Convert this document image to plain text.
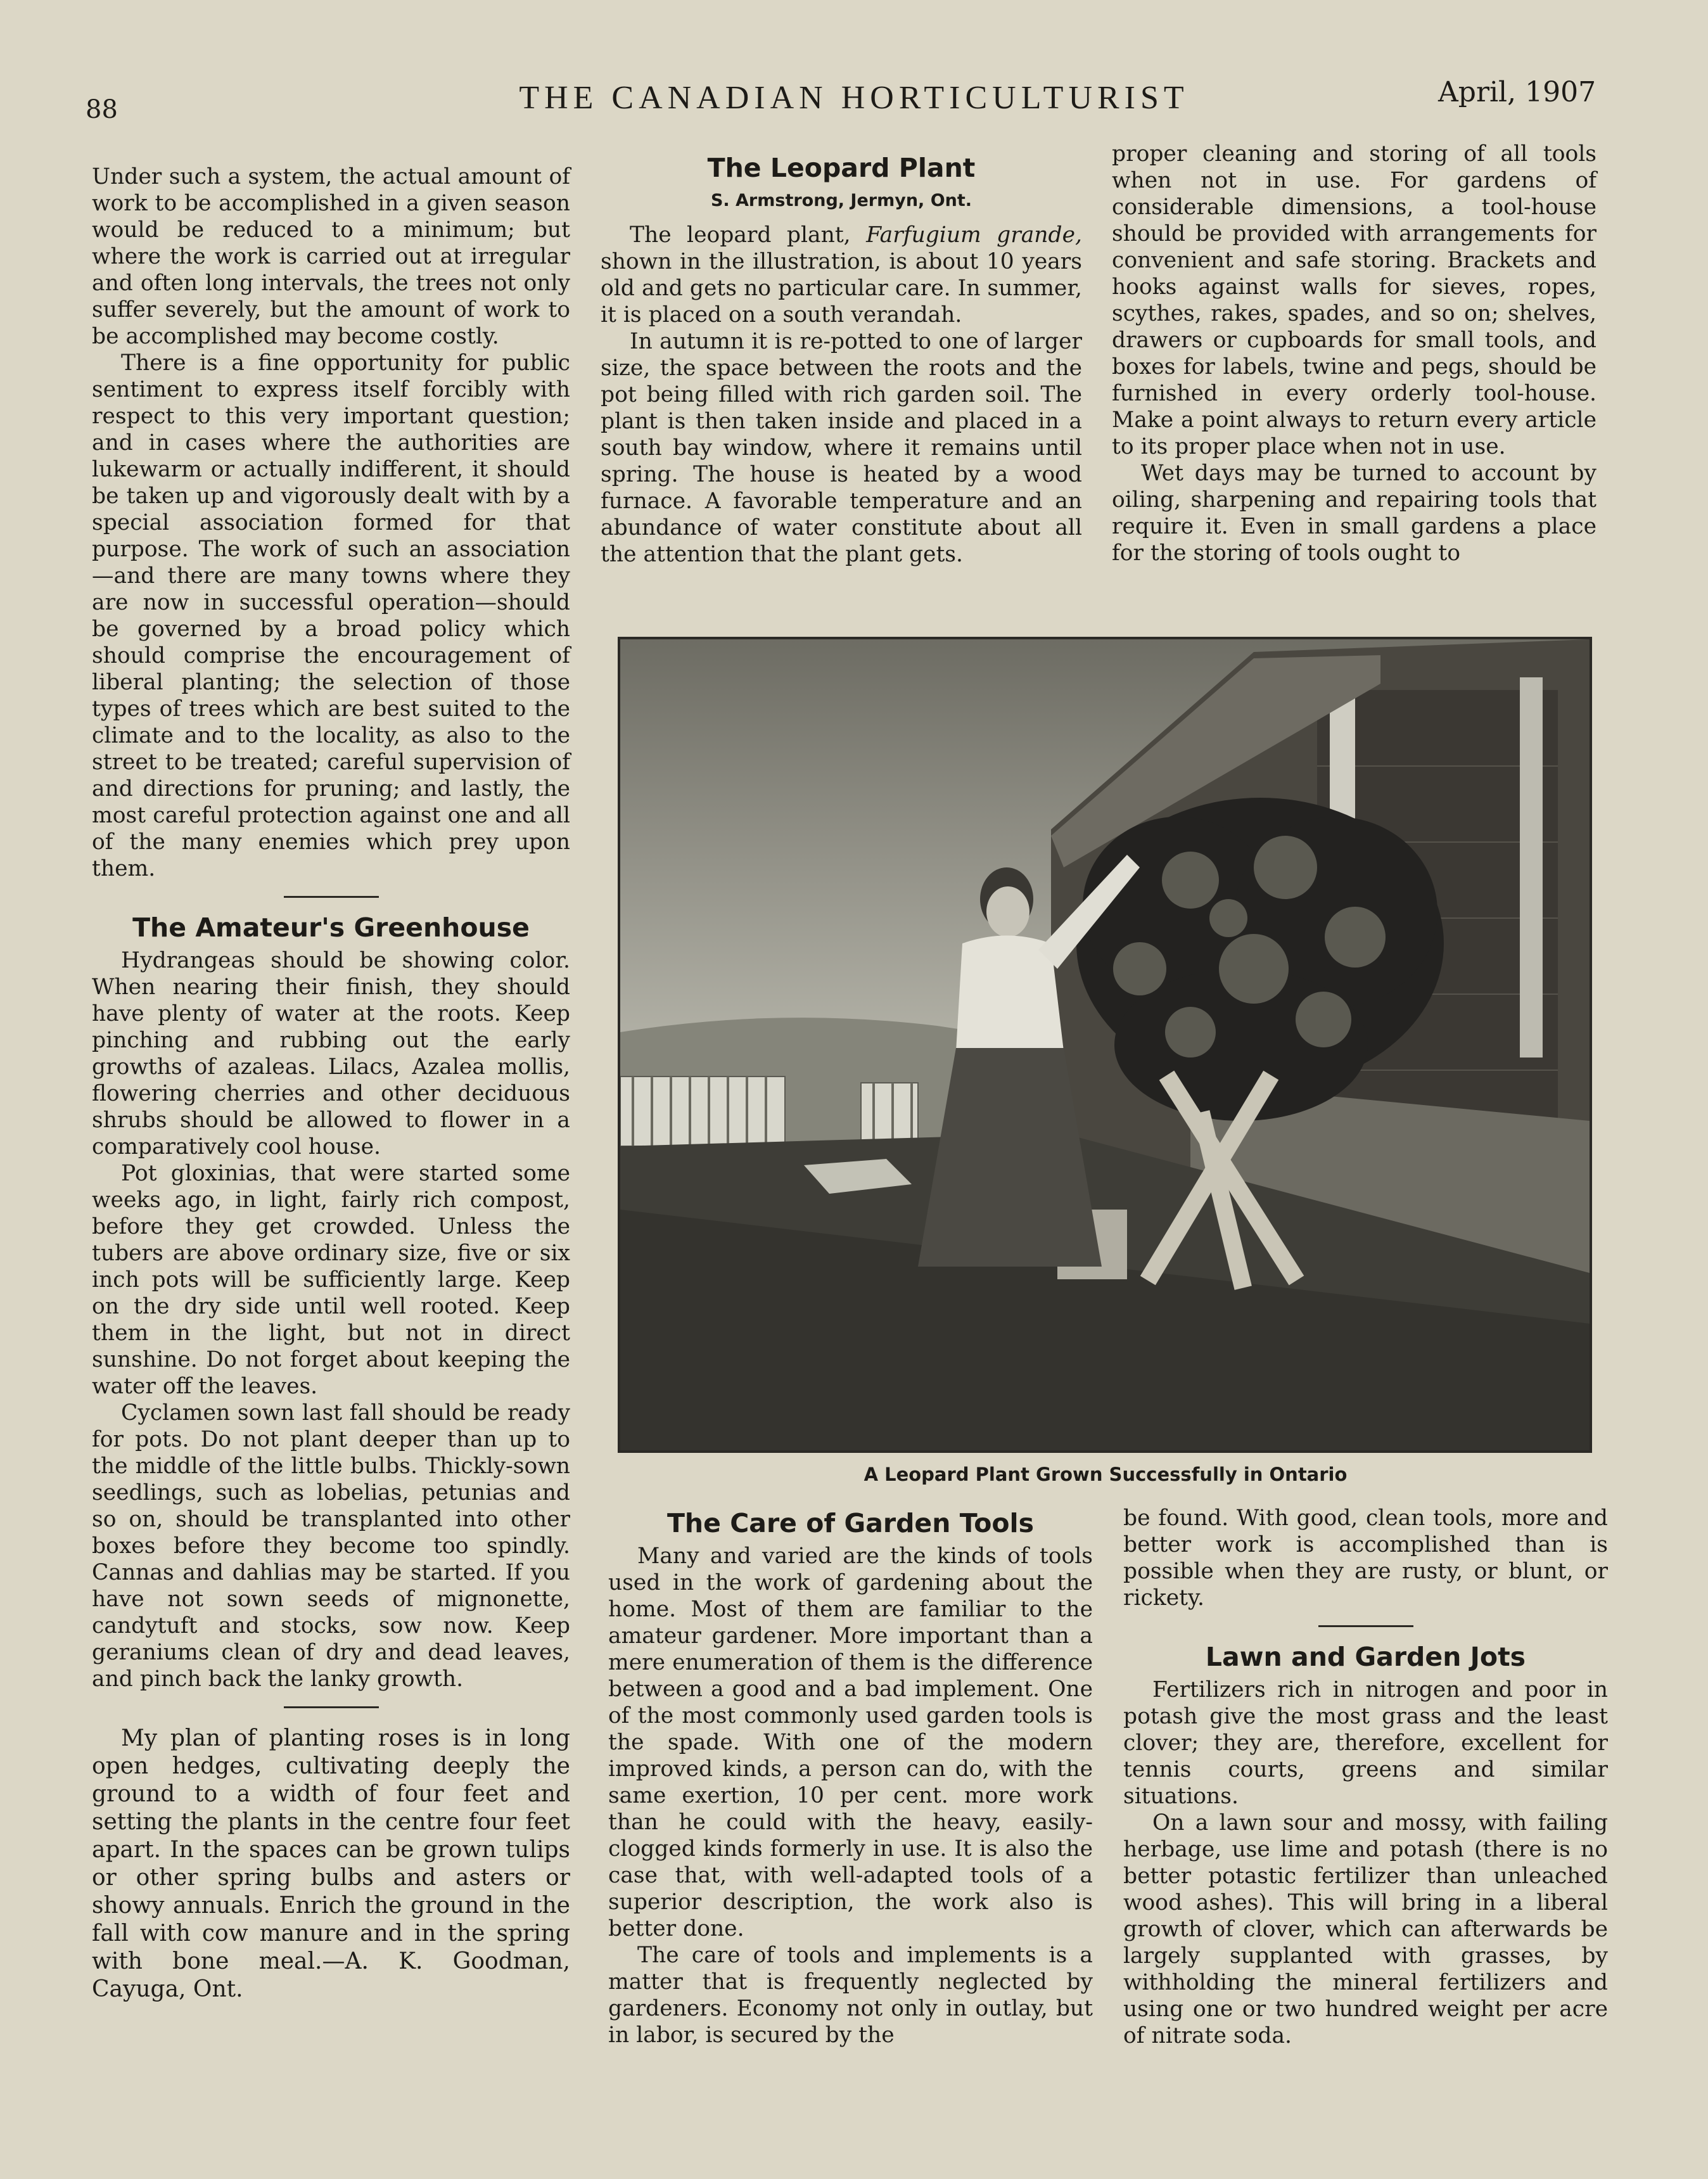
88	THE CANADIAN HORTICULTURIST	April, 1907

Under such a system, the actual amount of work to be accomplished in a given season would be reduced to a minimum; but where the work is carried out at irregular and often long intervals, the trees not only suffer severely, but the amount of work to be accomplished may become costly.

There is a fine opportunity for public sentiment to express itself forcibly with respect to this very important question; and in cases where the authorities are lukewarm or actually indifferent, it should be taken up and vigorously dealt with by a special association formed for that purpose. The work of such an association—and there are many towns where they are now in successful operation—should be governed by a broad policy which should comprise the encouragement of liberal planting; the selection of those types of trees which are best suited to the climate and to the locality, as also to the street to be treated; careful supervision of and directions for pruning; and lastly, the most careful protection against one and all of the many enemies which prey upon them.

The Amateur's Greenhouse

Hydrangeas should be showing color. When nearing their finish, they should have plenty of water at the roots. Keep pinching and rubbing out the early growths of azaleas. Lilacs, Azalea mollis, flowering cherries and other deciduous shrubs should be allowed to flower in a comparatively cool house.

Pot gloxinias, that were started some weeks ago, in light, fairly rich compost, before they get crowded. Unless the tubers are above ordinary size, five or six inch pots will be sufficiently large. Keep on the dry side until well rooted. Keep them in the light, but not in direct sunshine. Do not forget about keeping the water off the leaves.

Cyclamen sown last fall should be ready for pots. Do not plant deeper than up to the middle of the little bulbs. Thickly-sown seedlings, such as lobelias, petunias and so on, should be transplanted into other boxes before they become too spindly. Cannas and dahlias may be started. If you have not sown seeds of mignonette, candytuft and stocks, sow now. Keep geraniums clean of dry and dead leaves, and pinch back the lanky growth.

My plan of planting roses is in long open hedges, cultivating deeply the ground to a width of four feet and setting the plants in the centre four feet apart. In the spaces can be grown tulips or other spring bulbs and asters or showy annuals. Enrich the ground in the fall with cow manure and in the spring with bone meal.—A. K. Goodman, Cayuga, Ont.

The Leopard Plant
S. Armstrong, Jermyn, Ont.

The leopard plant, Farfugium grande, shown in the illustration, is about 10 years old and gets no particular care. In summer, it is placed on a south verandah.

In autumn it is re-potted to one of larger size, the space between the roots and the pot being filled with rich garden soil. The plant is then taken inside and placed in a south bay window, where it remains until spring. The house is heated by a wood furnace. A favorable temperature and an abundance of water constitute about all the attention that the plant gets.

proper cleaning and storing of all tools when not in use. For gardens of considerable dimensions, a tool-house should be provided with arrangements for convenient and safe storing. Brackets and hooks against walls for sieves, ropes, scythes, rakes, spades, and so on; shelves, drawers or cupboards for small tools, and boxes for labels, twine and pegs, should be furnished in every orderly tool-house. Make a point always to return every article to its proper place when not in use.

Wet days may be turned to account by oiling, sharpening and repairing tools that require it. Even in small gardens a place for the storing of tools ought to

A Leopard Plant Grown Successfully in Ontario
The Care of Garden Tools

Many and varied are the kinds of tools used in the work of gardening about the home. Most of them are familiar to the amateur gardener. More important than a mere enumeration of them is the difference between a good and a bad implement. One of the most commonly used garden tools is the spade. With one of the modern improved kinds, a person can do, with the same exertion, 10 per cent. more work than he could with the heavy, easily-clogged kinds formerly in use. It is also the case that, with well-adapted tools of a superior description, the work also is better done.

The care of tools and implements is a matter that is frequently neglected by gardeners. Economy not only in outlay, but in labor, is secured by the

be found. With good, clean tools, more and better work is accomplished than is possible when they are rusty, or blunt, or rickety.

Lawn and Garden Jots

Fertilizers rich in nitrogen and poor in potash give the most grass and the least clover; they are, therefore, excellent for tennis courts, greens and similar situations.

On a lawn sour and mossy, with failing herbage, use lime and potash (there is no better potastic fertilizer than unleached wood ashes). This will bring in a liberal growth of clover, which can afterwards be largely supplanted with grasses, by withholding the mineral fertilizers and using one or two hundred weight per acre of nitrate soda.
